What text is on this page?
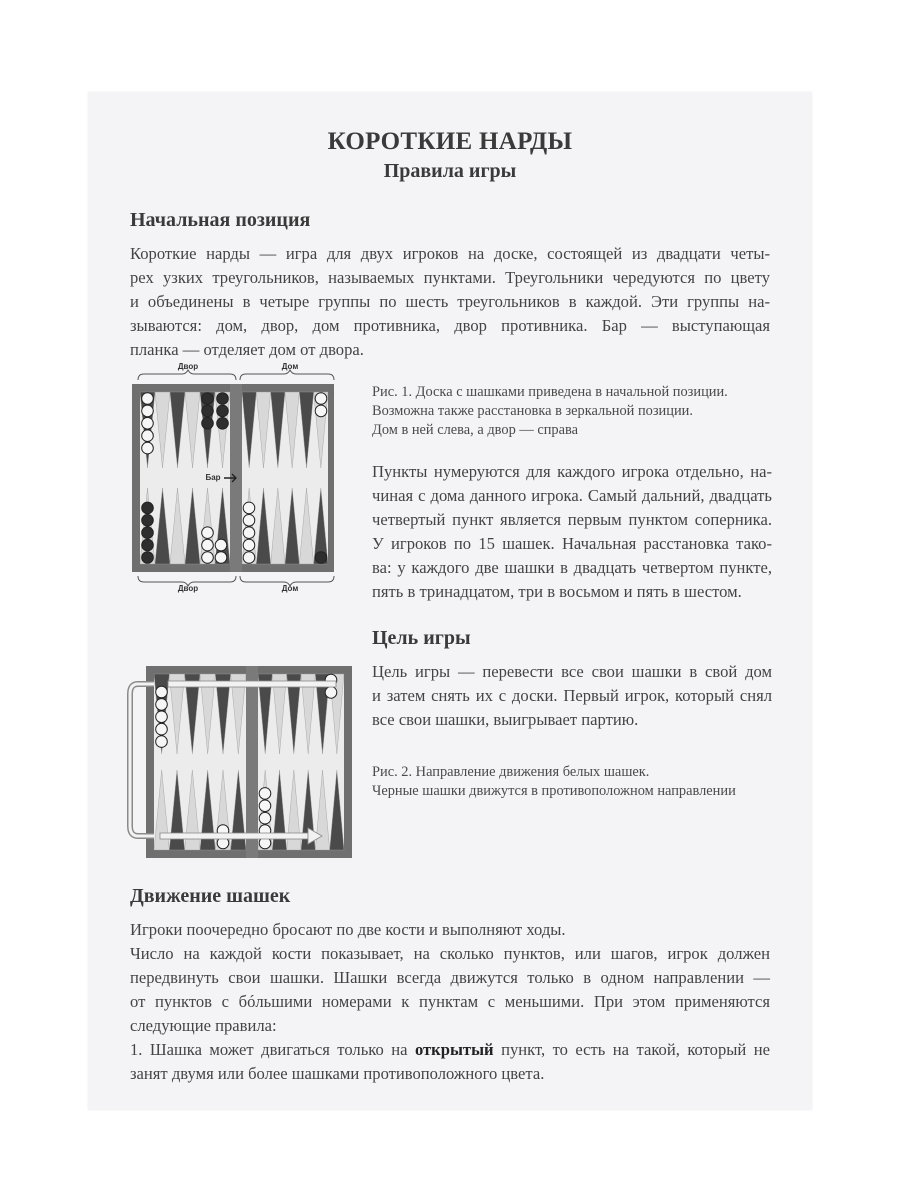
КОРОТКИЕ НАРДЫ
Правила игры
Начальная позиция
Короткие нарды — игра для двух игроков на доске, состоящей из двадцати четы-
рех узких треугольников, называемых пунктами. Треугольники чередуются по цвету
и объединены в четыре группы по шесть треугольников в каждой. Эти группы на-
зываются: дом, двор, дом противника, двор противника. Бар — выступающая
планка — отделяет дом от двора.
Двор	Дом
Двор	Дом
Бар
Рис. 1. Доска с шашками приведена в начальной позиции.
Возможна также расстановка в зеркальной позиции.
Дом в ней слева, а двор — справа
Пункты нумеруются для каждого игрока отдельно, на-
чиная с дома данного игрока. Самый дальний, двадцать
четвертый пункт является первым пунктом соперника.
У игроков по 15 шашек. Начальная расстановка тако-
ва: у каждого две шашки в двадцать четвертом пункте,
пять в тринадцатом, три в восьмом и пять в шестом.
Цель игры
Цель игры — перевести все свои шашки в свой дом
и затем снять их с доски. Первый игрок, который снял
все свои шашки, выигрывает партию.
Рис. 2. Направление движения белых шашек.
Черные шашки движутся в противоположном направлении
Движение шашек
Игроки поочередно бросают по две кости и выполняют ходы.
Число на каждой кости показывает, на сколько пунктов, или шагов, игрок должен
передвинуть свои шашки. Шашки всегда движутся только в одном направлении —
от пунктов с бóльшими номерами к пунктам с меньшими. При этом применяются
следующие правила:
1. Шашка может двигаться только на открытый пункт, то есть на такой, который не
занят двумя или более шашками противоположного цвета.
